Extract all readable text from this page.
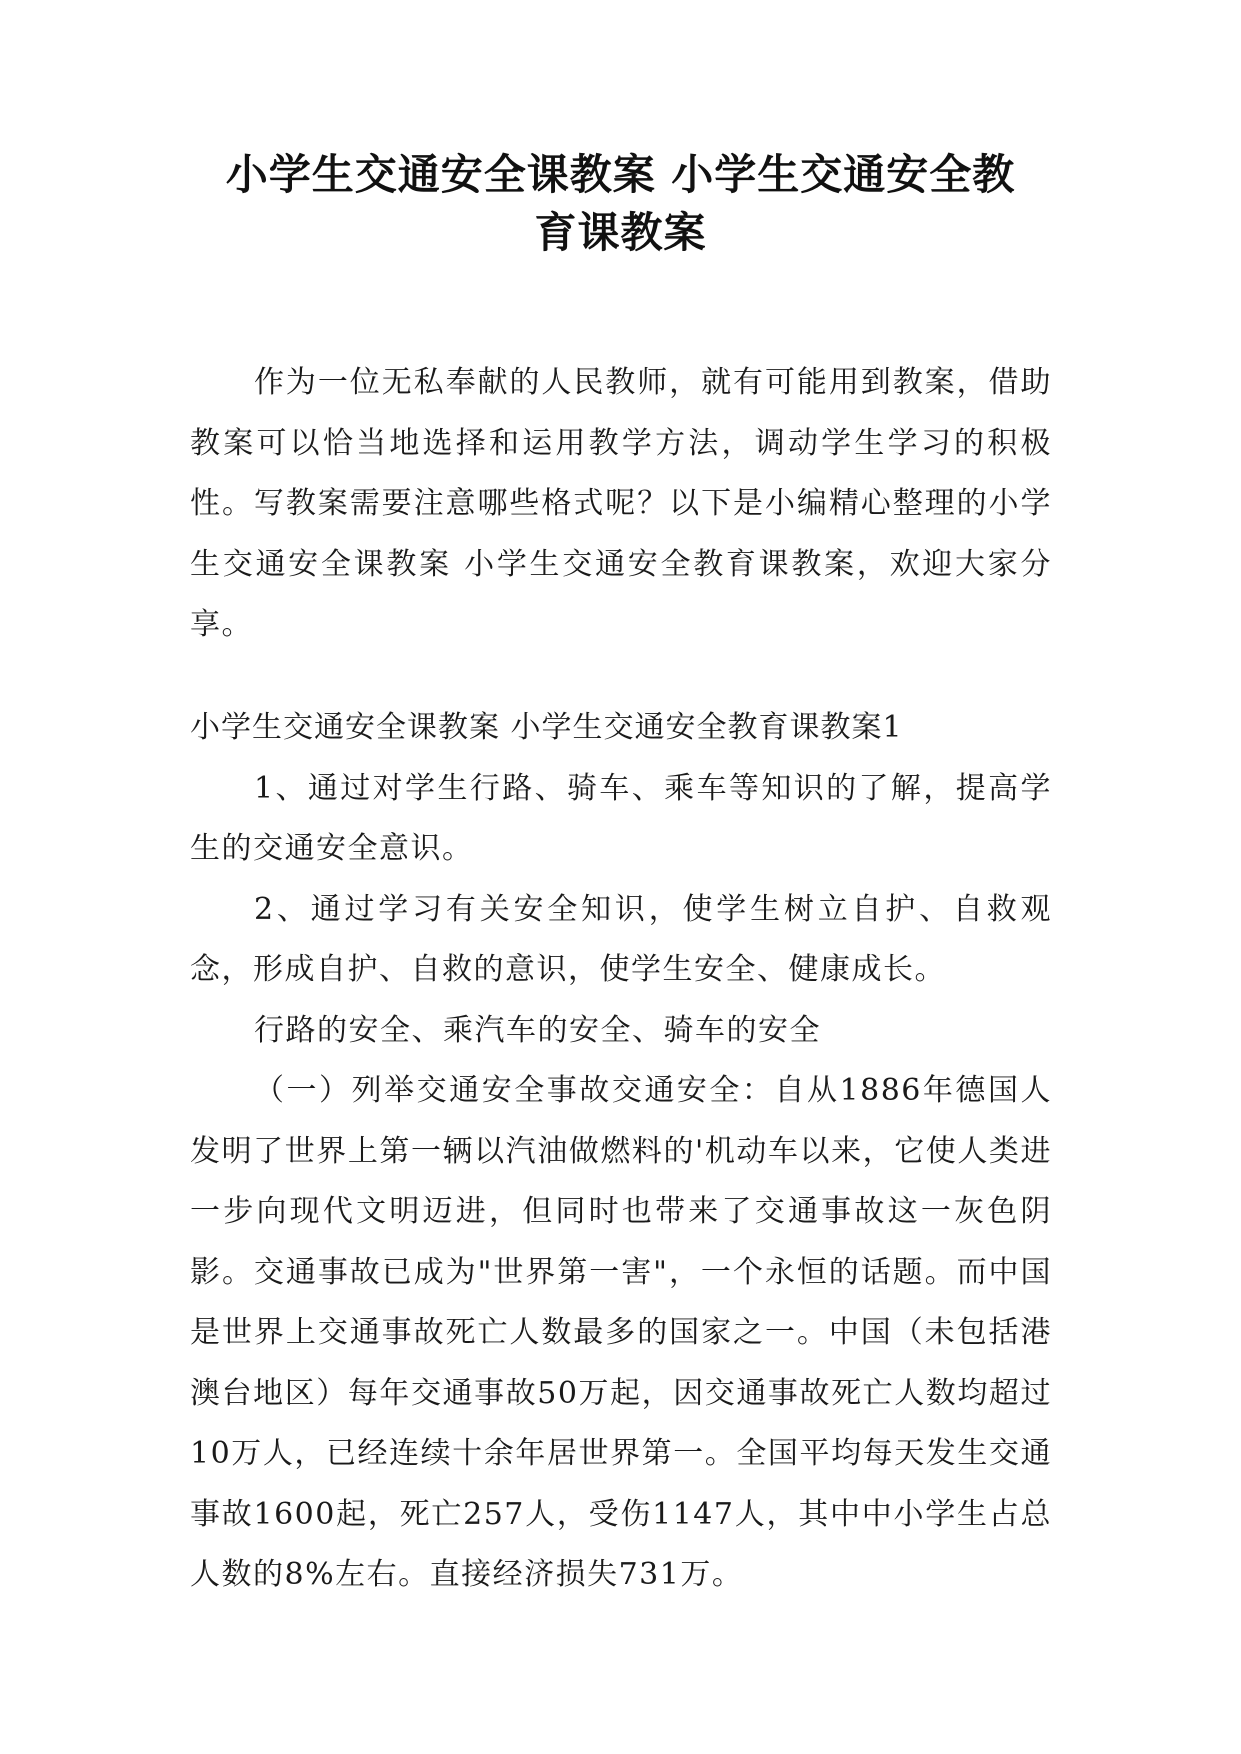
小学生交通安全课教案 小学生交通安全教
育课教案

作为一位无私奉献的人民教师，就有可能用到教案，借助教案可以恰当地选择和运用教学方法，调动学生学习的积极性。写教案需要注意哪些格式呢？以下是小编精心整理的小学生交通安全课教案 小学生交通安全教育课教案，欢迎大家分享。

小学生交通安全课教案 小学生交通安全教育课教案1

1、通过对学生行路、骑车、乘车等知识的了解，提高学生的交通安全意识。

2、通过学习有关安全知识，使学生树立自护、自救观念，形成自护、自救的意识，使学生安全、健康成长。

行路的安全、乘汽车的安全、骑车的安全

（一）列举交通安全事故交通安全：自从1886年德国人发明了世界上第一辆以汽油做燃料的'机动车以来，它使人类进一步向现代文明迈进，但同时也带来了交通事故这一灰色阴影。交通事故已成为"世界第一害"，一个永恒的话题。而中国是世界上交通事故死亡人数最多的国家之一。中国（未包括港澳台地区）每年交通事故50万起，因交通事故死亡人数均超过10万人，已经连续十余年居世界第一。全国平均每天发生交通事故1600起，死亡257人，受伤1147人，其中中小学生占总人数的8%左右。直接经济损失731万。
